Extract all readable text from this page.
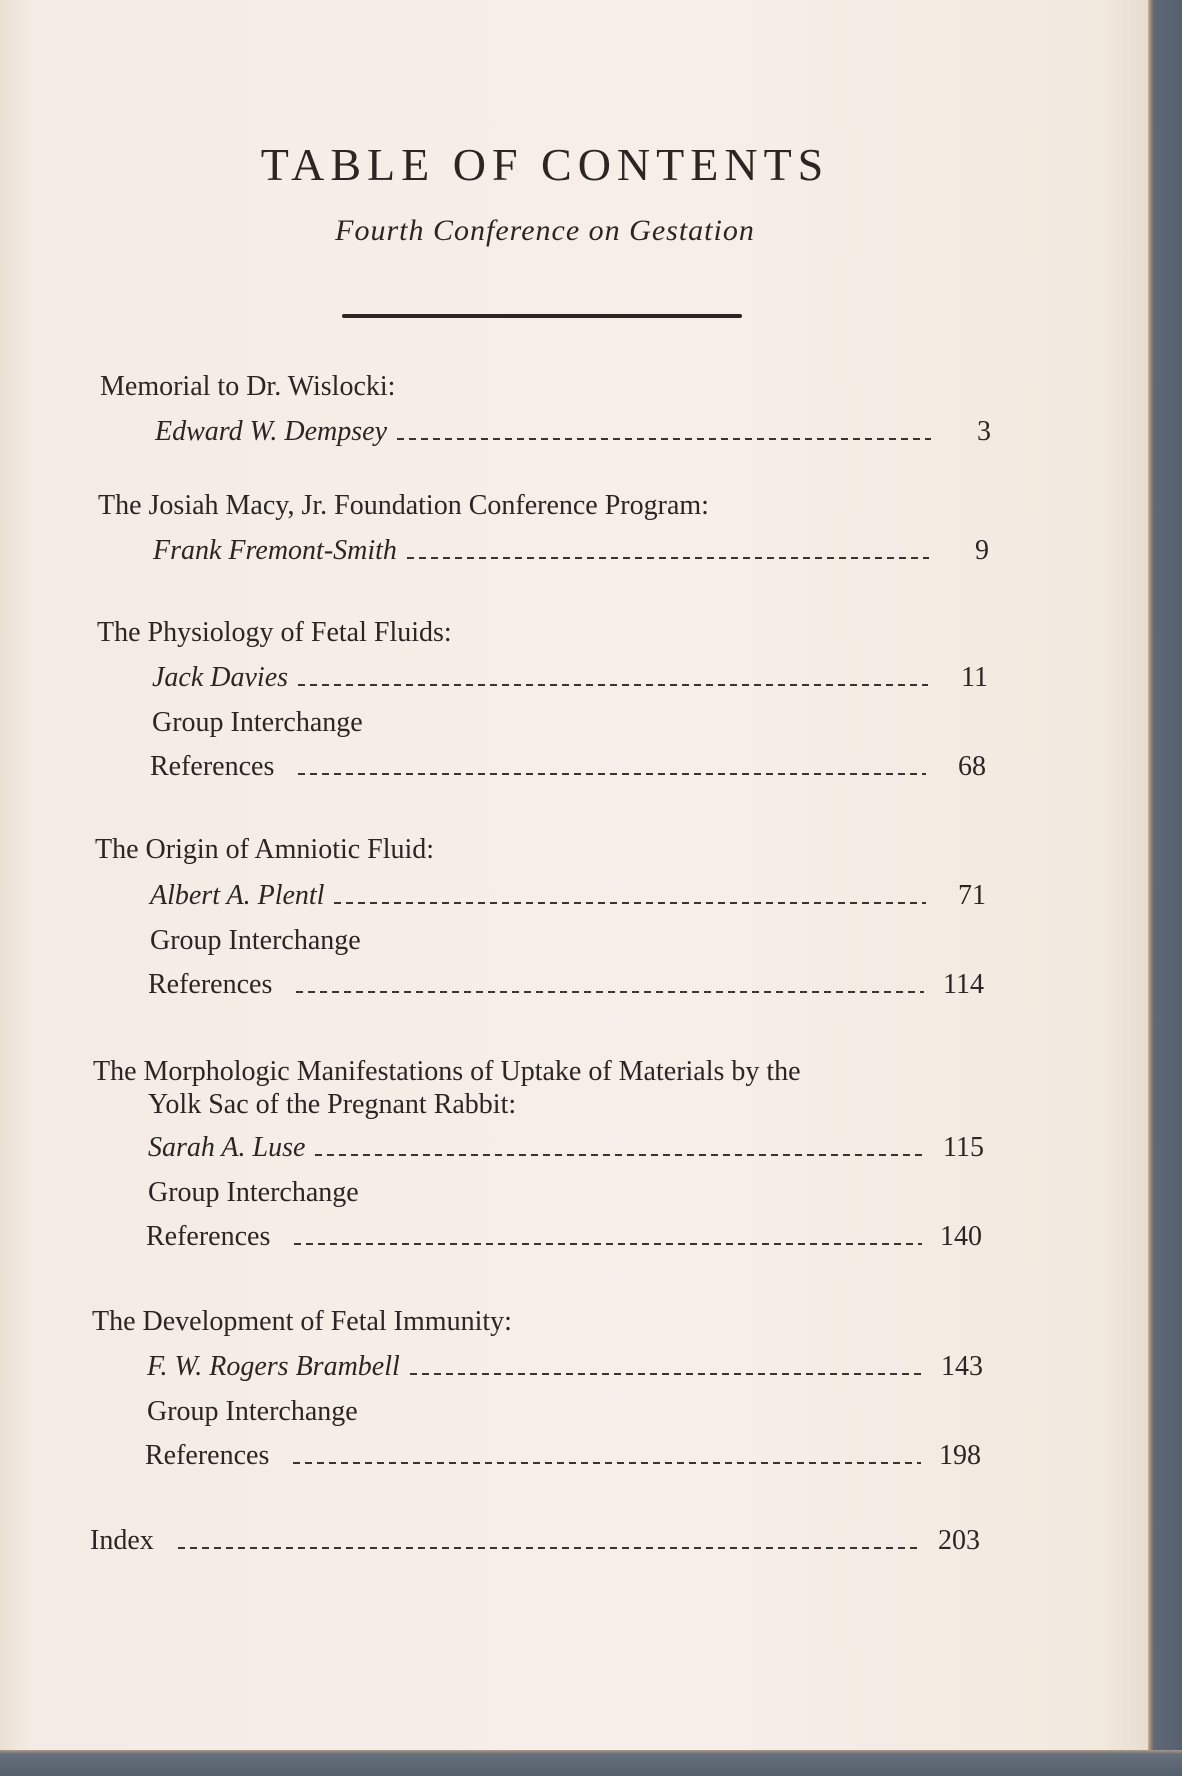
TABLE OF CONTENTS
Fourth Conference on Gestation
Memorial to Dr. Wislocki:
Edward W. Dempsey	3
The Josiah Macy, Jr. Foundation Conference Program:
Frank Fremont-Smith	9
The Physiology of Fetal Fluids:
Jack Davies	11
Group Interchange
References	68
The Origin of Amniotic Fluid:
Albert A. Plentl	71
Group Interchange
References	114
The Morphologic Manifestations of Uptake of Materials by the
Yolk Sac of the Pregnant Rabbit:
Sarah A. Luse	115
Group Interchange
References	140
The Development of Fetal Immunity:
F. W. Rogers Brambell	143
Group Interchange
References	198
Index	203
